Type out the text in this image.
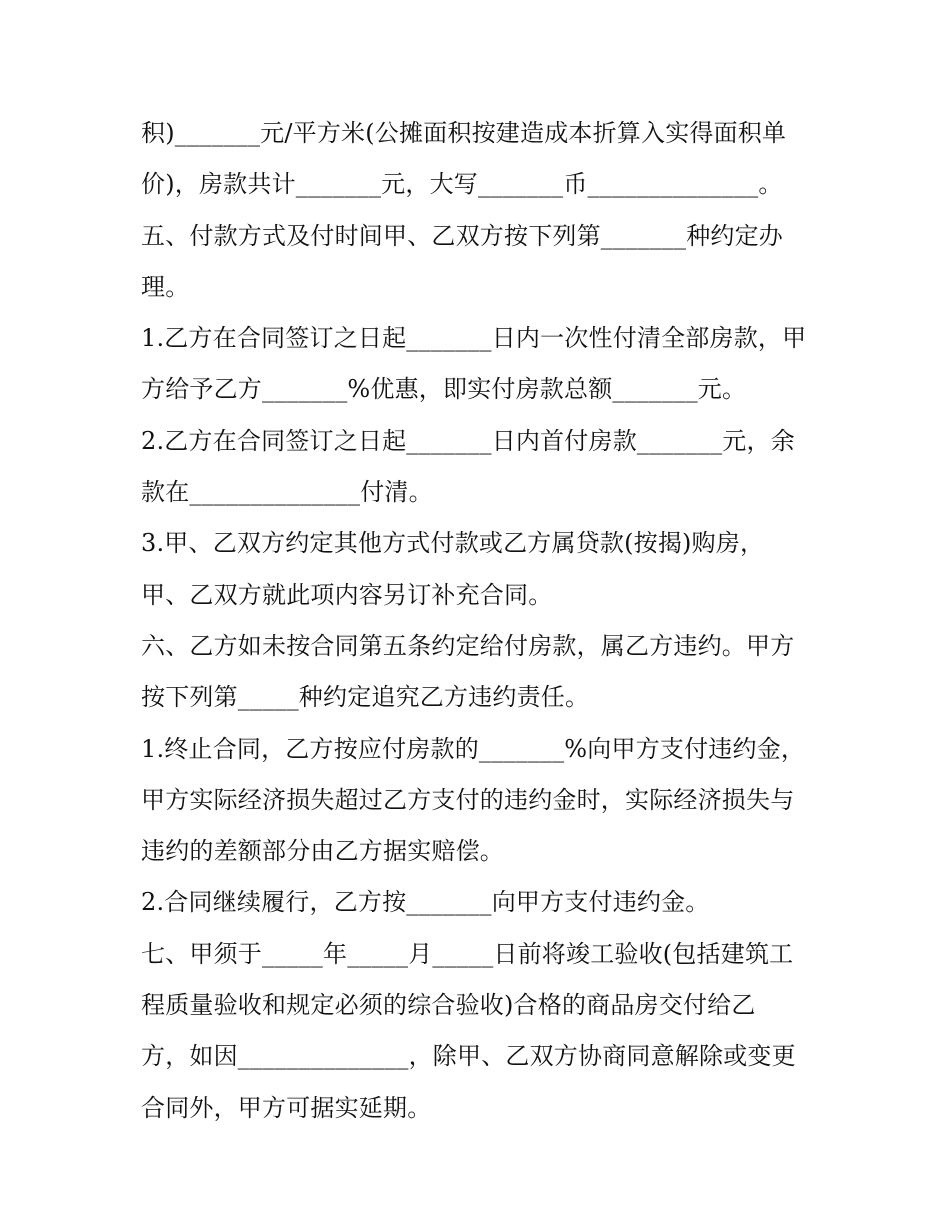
积)_______元/平方米(公摊面积按建造成本折算入实得面积单
价)，房款共计_______元，大写_______币______________。
五、付款方式及付时间甲、乙双方按下列第_______种约定办
理。
1.乙方在合同签订之日起_______日内一次性付清全部房款，甲
方给予乙方_______%优惠，即实付房款总额_______元。
2.乙方在合同签订之日起_______日内首付房款_______元，余
款在______________付清。
3.甲、乙双方约定其他方式付款或乙方属贷款(按揭)购房，
甲、乙双方就此项内容另订补充合同。
六、乙方如未按合同第五条约定给付房款，属乙方违约。甲方
按下列第_____种约定追究乙方违约责任。
1.终止合同，乙方按应付房款的_______%向甲方支付违约金，
甲方实际经济损失超过乙方支付的违约金时，实际经济损失与
违约的差额部分由乙方据实赔偿。
2.合同继续履行，乙方按_______向甲方支付违约金。
七、甲须于_____年_____月_____日前将竣工验收(包括建筑工
程质量验收和规定必须的综合验收)合格的商品房交付给乙
方，如因______________，除甲、乙双方协商同意解除或变更
合同外，甲方可据实延期。
